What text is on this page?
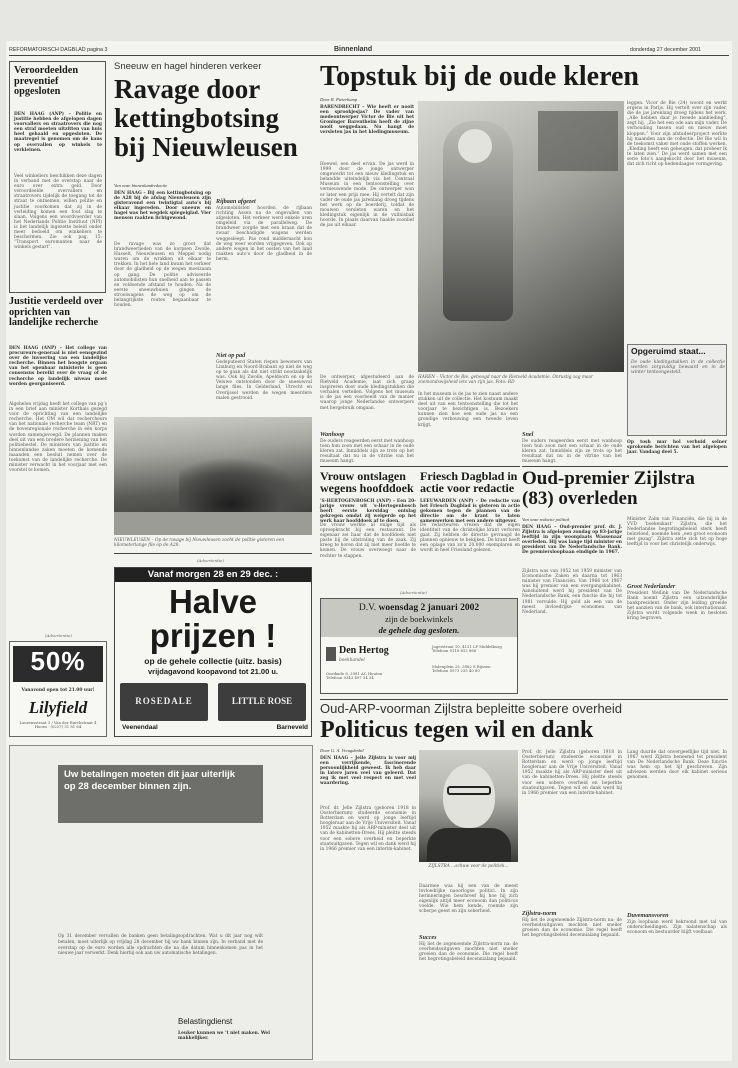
REFORMATORISCH DAGBLAD pagina 3	Binnenland	donderdag 27 december 2001
Veroordeelden preventief opgesloten
DEN HAAG (ANP) – Politie en justitie hebben de afgelopen dagen voorvallers en straatrovers die nog een straf moeten uitzitten van huis heel gehaald en opgesloten. De maatregel is genomen om de kans op overvallen op winkels te verkleinen.
Veel winkeliers beschikken deze dagen in verband met de overstap naar de euro over extra geld. Door veroordeelde overvallers en straatrovers tijdelijk de toegang tot de straat te ontnemen, willen politie en justitie voorkomen dat zij in de verleiding komen een fout slag te slaan. Volgens een woordvoerder van het Nederlands Politie Instituut (NPI) is het landelijk ingezette beleid onder meer bedoeld om winkeliers te beschermen. Zie ook pag. 15: “Transport euromunten naar de winkels gestart”.
Justitie verdeeld over oprichten van landelijke recherche
DEN HAAG (ANP) – Het college van procureurs-generaal is niet eensgezind over de invoering van een landelijke recherche. Binnen het hoogste orgaan van het openbaar ministerie is geen consensus bereikt over de vraag of de recherche op landelijk niveau moet worden georganiseerd.
Algehelen vrijdag heeft het college van pg’s in een brief aan minister Korthals gezegd voor de oprichting van een landelijke recherche. Het OM wil dat rechercheurs van het nationale recherche team (NRT) en de bovenregionale recherche in één korps worden samengevoegd. De plannen maken deel uit van een bredere herziening van het politiebestel. De ministers van justitie en binnenlandse zaken moeten de komende maanden een besluit nemen over de toekomst van de landelijke recherche. De minister verwacht in het voorjaar met een voorstel te komen.
(Advertentie)
50%
Vanavond open tot 21.00 uur!
Lilyfield
Laurensstraat 3 / Van der Burchstraat 4
Hoorn · (0227) 51 81 64
Sneeuw en hagel hinderen verkeer
Ravage door kettingbotsing bij Nieuwleusen
Van onze binnenlandredactie
DEN HAAG – Bij een kettingbotsing op de A28 bij de afslag Nieuwleusen zijn gisteravond een twintigtal auto’s bij elkaar ingereden. Door sneeuw en hagel was het wegdek spiegelglad. Vier mensen raakten lichtgewond.
De ravage was zo groot dat brandweerlieden van de korpsen Zwolle, Hasselt, Nieuwleusen en Meppel nodig waren om de wrakken uit elkaar te trekken. In het hele land kwam het verkeer door de gladheid op de wegen moeizaam op gang. De politie adviseerde automobilisten hun snelheid aan te passen en voldoende afstand te houden. Na de eerste sneeuwbuien gingen de strooiwagens de weg op om de belangrijkste routes begaanbaar te houden.
Rijbaan afgezet
Automobilisten hoorden de rijbaan richting Assen na de ongevallen van afgesloten. Het verkeer werd enkele uren omgeleid via de parallelweg. De brandweer zorgde met een kraan dat de zwaar beschadigde wagens werden weggesleept. Pas rond middernacht kon de weg weer worden vrijgegeven. Ook op andere wegen in het oosten van het land raakten auto’s door de gladheid in de berm.
Niet op pad
Gedeputeerd Staten riepen bewoners van Limburg en Noord-Brabant op niet de weg op te gaan als dat niet strikt noodzakelijk was. Ook bij Zwolle, Apeldoorn en op de Veluwe ontstonden door de sneeuwval lange files. In Gelderland, Utrecht en Overijssel werden de wegen meerdere malen gestrooid.
NIEUWLEUSEN – Op de ravage bij Nieuwleusen zocht de politie gisteren een kilometerlange file op de A28.
(Advertentie)
Vanaf morgen 28 en 29 dec. :
Halve prijzen !
op de gehele collectie (uitz. basis)
vrijdagavond koopavond tot 21.00 u.
ROSEDALE	LITTLE ROSE
Veenendaal	Barneveld
Topstuk bij de oude kleren
Door R. Pieterkamp
BARENDRECHT – Wie heeft er nooit een sprookjesjas? De vader van modeontwerper Victor de Bie uit het Groninger Barentheim heeft de zijne nooit weggedaan. Nu hangt de versleten jas in het kledingmuseum.
Hoewel, een deel ervan. De jas werd in 1999 door de jonge ontwerper omgewerkt tot een nieuw kledingstuk en belandde uiteindelijk via het Centraal Museum in een tentoonstelling over vernieuwende mode. De ontwerper won er later een prijs mee. Hij vertelt dat zijn vader de oude jas jarenlang droeg tijdens het werk op de boerderij, totdat de mouwen versleten waren en het kledingstuk eigenlijk in de vuilnisbak hoorde. In plaats daarvan haalde zoonlief de jas uit elkaar.
De ontwerper, afgestudeerd aan de Rietveld Academie, laat zich graag inspireren door oude kledingstukken die verhalen vertellen. Volgens het museum is de jas een voorbeeld van de manier waarop jonge Nederlandse ontwerpers met hergebruik omgaan.
Wanhoop
De ouders reageerden eerst met wanhoop toen hun zoon met een schaar in de oude kleren zat. Inmiddels zijn ze trots op het resultaat dat nu in de vitrine van het museum hangt.
HAREN – Victor de Bie, geboogd naar de Rietveld Academie. Onrustig zag maar zoemondswijsheid iets van zijn jas. Foto: RD
In het museum is de jas te zien naast andere stukken uit de collectie. Het kostuum maakt deel uit van een tentoonstelling die tot het voorjaar te bezichtigen is. Bezoekers kunnen zien hoe een oude jas na een grondige verbouwing een tweede leven krijgt.
Snel
De ouders reageerden eerst met wanhoop toen hun zoon met een schaar in de oude kleren zat. Inmiddels zijn ze trots op het resultaat dat nu in de vitrine van het museum hangt.
leggen. Vicor de Bie (24) woont en werkt ergens in Parijs. Hij vertelt over zijn vader, die de jas jarenlang droeg tijdens het werk. „Alle hebben daar je tweede aanbieding”, zegt hij. „Zie het een ode aan mijn vader. De verhouding tussen oud en nieuw moet kloppen.” Voor zijn afstudeerproject werkte hij maanden aan de collectie. De Bie wil in de toekomst vaker met oude stoffen werken. „Kleding heeft een geheugen, dat probeer ik te laten zien.” De jas werd samen met een serie foto’s aangekocht door het museum, dat zich richt op hedendaagse vormgeving.
Opgeruimd staat...
De oude kledingstukken in de collectie worden zorgvuldig bewaard en in de winter tentoongesteld.
Op tosh mar hol verhuid selner sprokende berichten van het afgelopen jaar. Vandaag deel 5.
Vrouw ontslagen wegens hoofddoek
’S-HERTOGENBOSCH (ANP) – Een 20-jarige vrouw uit ’s-Hertogenbosch heeft eerste kerstdag ontslag gekregen omdat zij weigerde op het werk haar hoofddoek af te doen.
De vrouw werkte al enige tijd als oproepkracht bij een restaurant. De eigenaar zei haar dat de hoofddoek niet paste bij de uitstraling van de zaak. Zij kreeg te horen dat zij niet meer hoefde te komen. De vrouw overweegt naar de rechter te stappen.
Friesch Dagblad in actie voor redactie
LEEUWARDEN (ANP) – De redactie van het Friesch Dagblad is gisteren in actie gekomen tegen de plannen van de directie om de krant te laten samenwerken met een andere uitgever.
De redacteuren vrezen dat de eigen identiteit van de christelijke krant verloren gaat. Zij hebben de directie gevraagd de plannen opnieuw te bekijken. De krant heeft een oplage van zo’n 20.000 exemplaren en wordt in heel Friesland gelezen.
Oud-premier Zijlstra (83) overleden
Van onze redactie politiek
DEN HAAG – Oud-premier prof. dr. J. Zijlstra is afgelopen zondag op 83-jarige leeftijd in zijn woonplaats Wassenaar overleden. Hij was lange tijd minister en president van De Nederlandsche Bank. De premiersloopbaan eindigde in 1967.
Zijlstra was van 1952 tot 1959 minister van Economische Zaken en daarna tot 1963 minister van Financiën. Van 1966 tot 1967 was hij premier van een overgangskabinet. Aansluitend werd hij president van De Nederlandsche Bank, een functie die hij tot 1981 vervulde. Hij gold als een van de meest invloedrijke economen van Nederland.
Minister Zalm van Financiën, die hij in de VVD ‘boekenkast’ Zijlstra, die het Nederlandse begrotingsbeleid sterk heeft beïnvloed, noemde hem „een groot econoom met gezag”. Zijlstra zette zich tot op hoge leeftijd in voor het christelijk onderwijs.
Groot Nederlander
President Wellink van De Nederlandsche Bank noemt Zijlstra een uitzonderlijke bankpresident. Onder zijn leiding groeide het aanzien van de bank, ook internationaal. Zijlstra wordt volgende week in besloten kring begraven.
(Advertentie)
D.V. woensdag 2 januari 2002
zijn de boekwinkels
de gehele dag gesloten.
Den Hertog
boekhandel
Oostkade 6, 2981 AC Houten
Telefoon 0343 497 34 34
Jagerstraat 10, 4131 LP Middelburg
Telefoon 0118 612 866
Molenplein 25, 2862 S Rijssen
Telefoon 0573 235 40 80
Oud-ARP-voorman Zijlstra bepleitte sobere overheid
Politicus tegen wil en dank
Door G. A. Vreugdenhil
DEN HAAG – Jelle Zijlstra is voor mij een verrijkende, fascinerende persoonlijkheid geweest. Ik heb daar in latere jaren veel van geleerd. Dat zeg ik met veel respect en met veel waardering.
Prof. dr. Jelle Zijlstra (geboren 1918 in Oosterbierum) studeerde economie in Rotterdam en werd op jonge leeftijd hoogleraar aan de Vrije Universiteit. Vanaf 1952 maakte hij als ARP-minister deel uit van de kabinetten-Drees. Hij pleitte steeds voor een sobere overheid en beperkte staatsuitgaven. Tegen wil en dank werd hij in 1966 premier van een interim-kabinet.
ZIJLSTRA ...schuw voor de politiek...
Daarmee was hij een van de meest invloedrijke naoorlogse politici. In zijn herinneringen beschreef hij hoe hij zich eigenlijk altijd meer econoom dan politicus voelde. Wie hem kende, roemde zijn scherpe geest en zijn soberheid.
Succes
Hij liet de zogenoemde Zijlstra-norm na: de overheidsuitgaven mochten niet sneller groeien dan de economie. Die regel heeft het begrotingsbeleid decennialang bepaald.
Prof. dr. Jelle Zijlstra (geboren 1918 in Oosterbierum) studeerde economie in Rotterdam en werd op jonge leeftijd hoogleraar aan de Vrije Universiteit. Vanaf 1952 maakte hij als ARP-minister deel uit van de kabinetten-Drees. Hij pleitte steeds voor een sobere overheid en beperkte staatsuitgaven. Tegen wil en dank werd hij in 1966 premier van een interim-kabinet.
Zijlstra-norm
Hij liet de zogenoemde Zijlstra-norm na: de overheidsuitgaven mochten niet sneller groeien dan de economie. Die regel heeft het begrotingsbeleid decennialang bepaald.
Lang duurde dat onvergeeflijke tijd niet. In 1967 werd Zijlstra benoemd tot president van De Nederlandsche Bank. Deze functie was hem op het lijf geschreven. Zijn adviezen werden door elk kabinet serieus genomen.
Duvemansvoren
Zijn loopbaan werd bekroond met tal van onderscheidingen. Zijn nalatenschap als econoom en bestuurder blijft voelbaar.
Uw betalingen moeten dit jaar uiterlijk op 28 december binnen zijn.
Op 31 december vervallen de banken geen betalingsopdrachten. Wat u dit jaar nog wilt betalen, moet uiterlijk op vrijdag 28 december bij uw bank binnen zijn. In verband met de overstap op de euro worden alle opdrachten die na die datum binnenkomen pas in het nieuwe jaar verwerkt. Denk hierbij ook aan uw automatische betalingen.
Belastingdienst
Leuker kunnen we ’t niet maken. Wel makkelijker.
